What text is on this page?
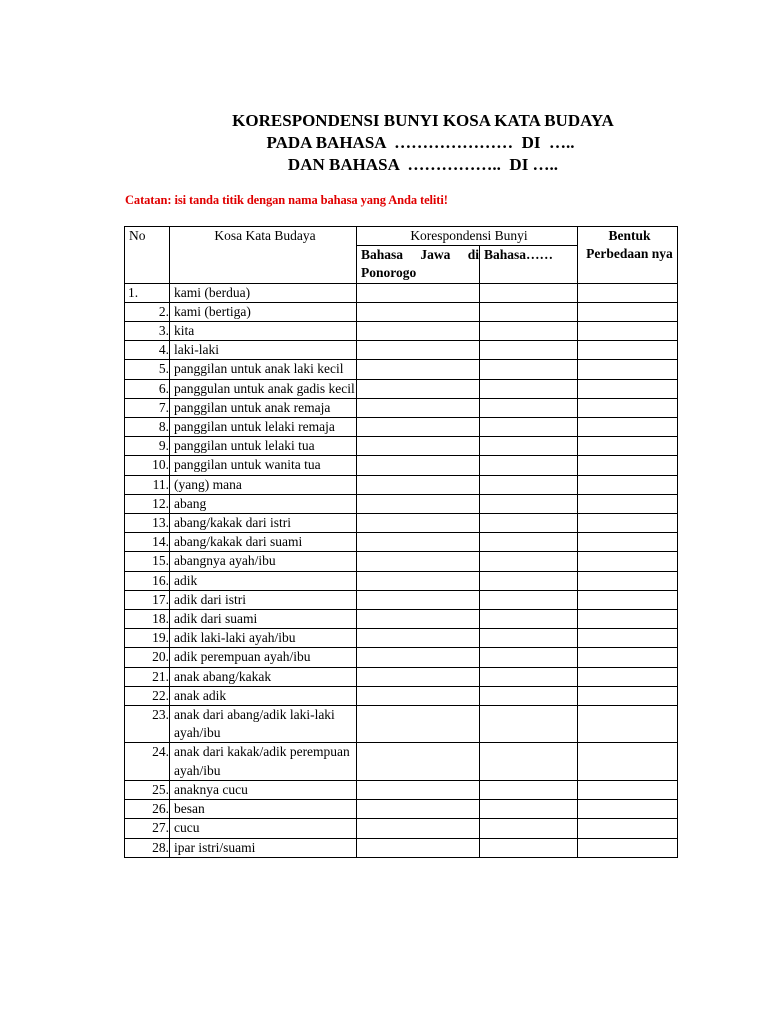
KORESPONDENSI BUNYI KOSA KATA BUDAYA
PADA BAHASA  …………………  DI  …..
DAN BAHASA  ……………..  DI …..
Catatan: isi tanda titik dengan nama bahasa yang Anda teliti!
No	Kosa Kata Budaya	Korespondensi Bunyi		Bentuk Perbedaan nya
		Bahasa Jawa di Ponorogo	Bahasa……	
1.	kami (berdua)			
2.	kami (bertiga)			
3.	kita			
4.	laki-laki			
5.	panggilan untuk anak laki kecil			
6.	panggulan untuk anak gadis kecil			
7.	panggilan untuk anak remaja			
8.	panggilan untuk lelaki remaja			
9.	panggilan untuk lelaki tua			
10.	panggilan untuk wanita tua			
11.	(yang) mana			
12.	abang			
13.	abang/kakak dari istri			
14.	abang/kakak dari suami			
15.	abangnya ayah/ibu			
16.	adik			
17.	adik dari istri			
18.	adik dari suami			
19.	adik laki-laki ayah/ibu			
20.	adik perempuan ayah/ibu			
21.	anak abang/kakak			
22.	anak adik			
23.	anak dari abang/adik laki-laki ayah/ibu			
24.	anak dari kakak/adik perempuan ayah/ibu			
25.	anaknya cucu			
26.	besan			
27.	cucu			
28.	ipar istri/suami			
